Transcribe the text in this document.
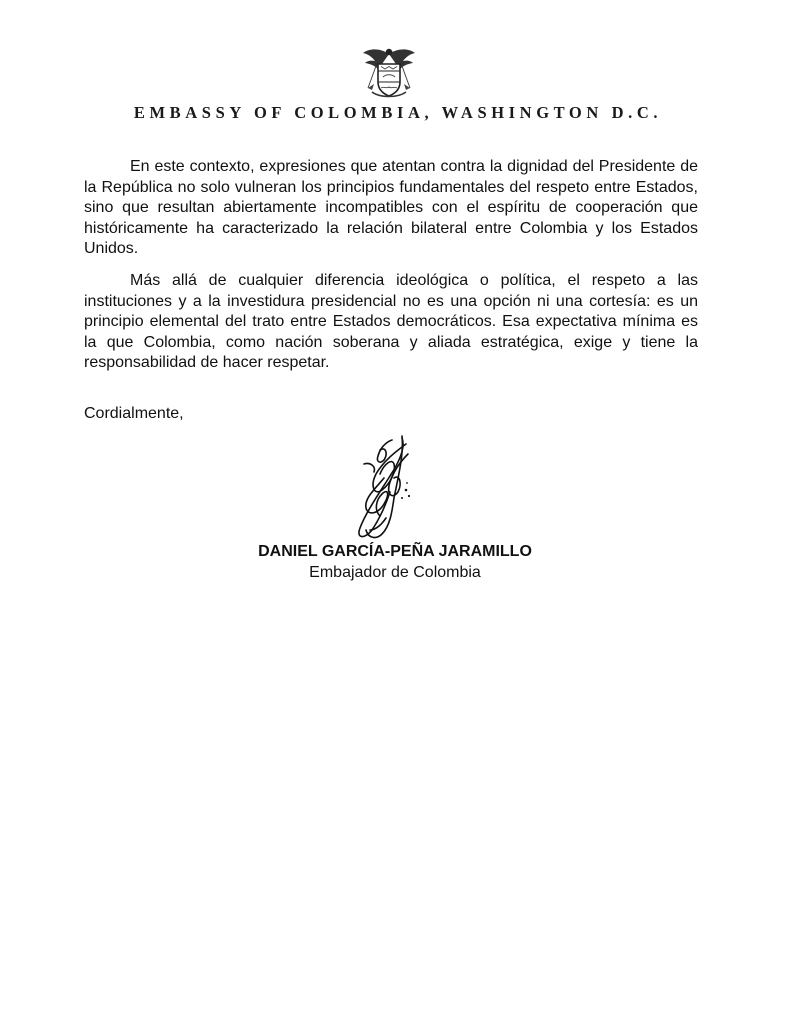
EMBASSY OF COLOMBIA, WASHINGTON D.C.

En este contexto, expresiones que atentan contra la dignidad del Presidente de la República no solo vulneran los principios fundamentales del respeto entre Estados, sino que resultan abiertamente incompatibles con el espíritu de cooperación que históricamente ha caracterizado la relación bilateral entre Colombia y los Estados Unidos.

Más allá de cualquier diferencia ideológica o política, el respeto a las instituciones y a la investidura presidencial no es una opción ni una cortesía: es un principio elemental del trato entre Estados democráticos. Esa expectativa mínima es la que Colombia, como nación soberana y aliada estratégica, exige y tiene la responsabilidad de hacer respetar.

Cordialmente,
DANIEL GARCÍA-PEÑA JARAMILLO
Embajador de Colombia
